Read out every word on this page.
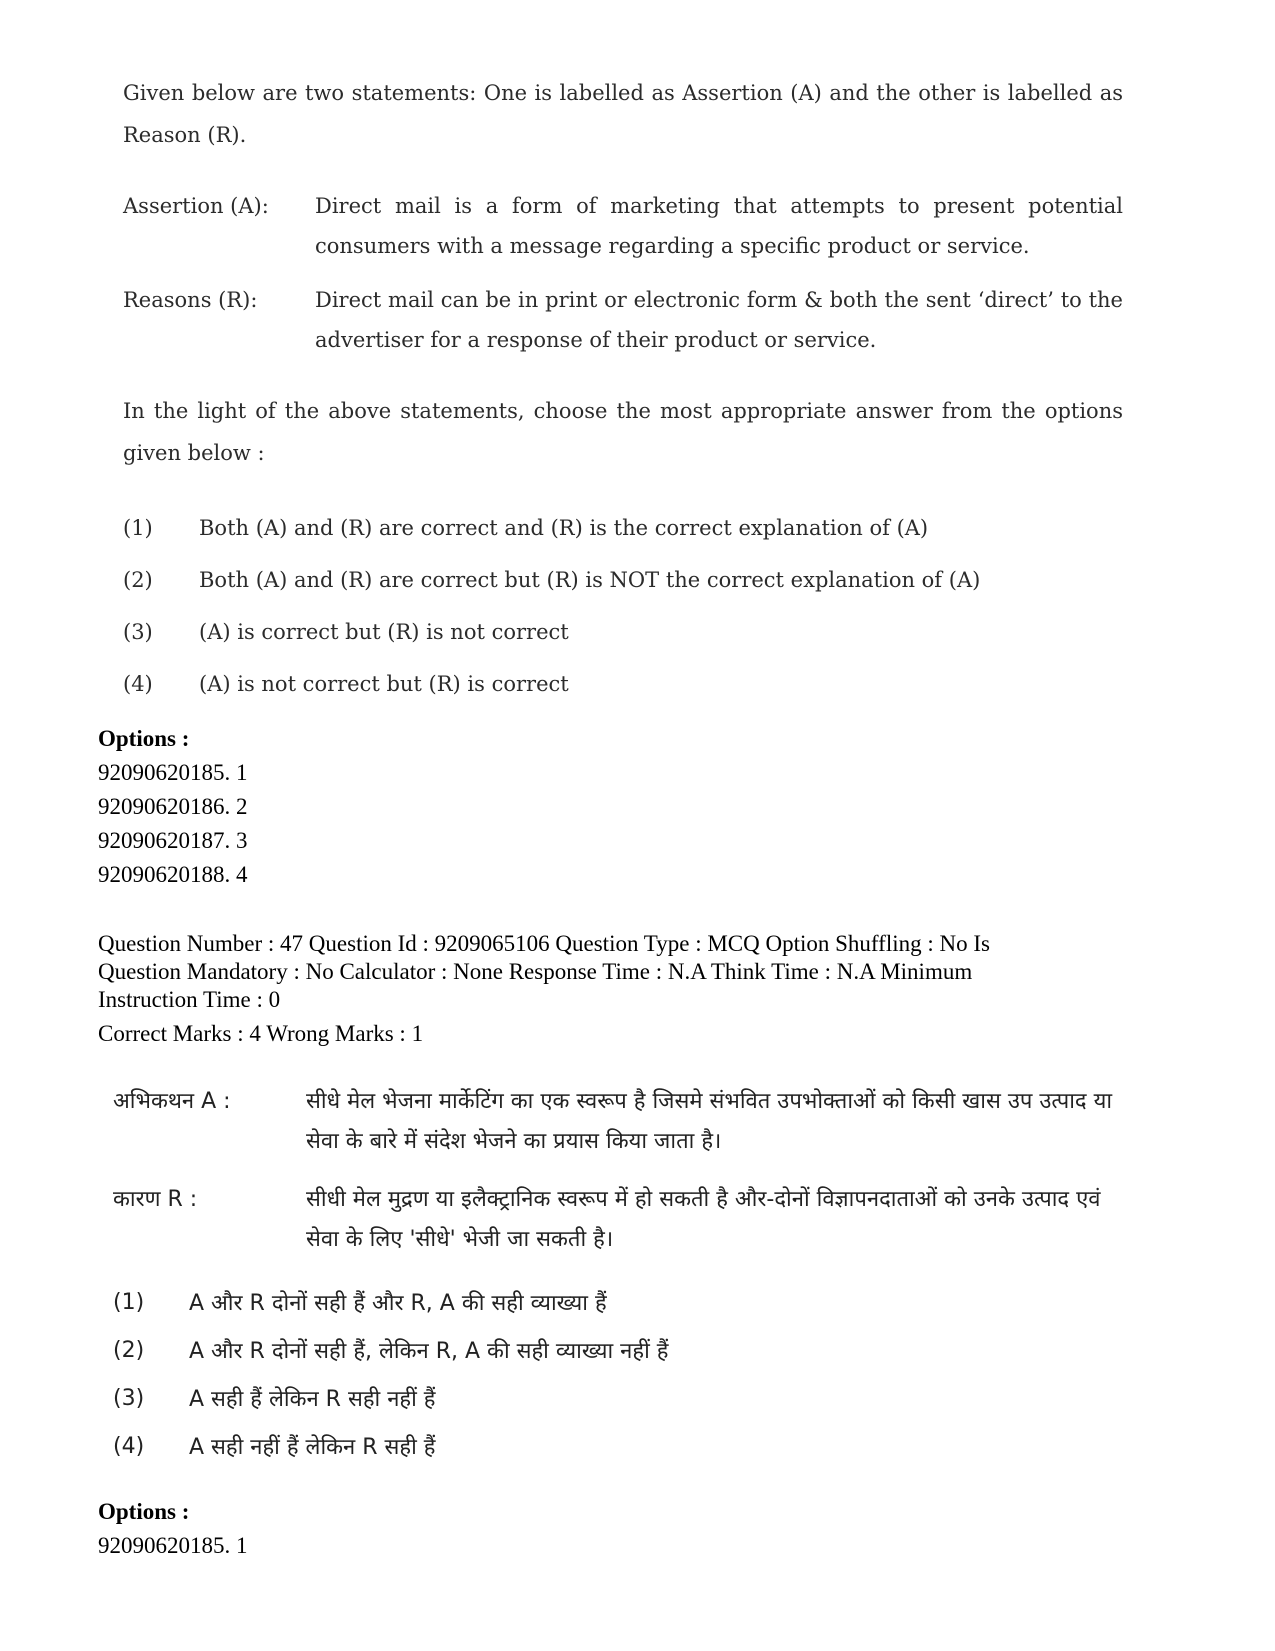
Given below are two statements: One is labelled as Assertion (A) and the other is labelled as Reason (R).

Assertion (A):	Direct mail is a form of marketing that attempts to present potential consumers with a message regarding a specific product or service.
Reasons (R):	Direct mail can be in print or electronic form & both the sent ‘direct’ to the advertiser for a response of their product or service.
In the light of the above statements, choose the most appropriate answer from the options given below :
(1)	Both (A) and (R) are correct and (R) is the correct explanation of (A)
(2)	Both (A) and (R) are correct but (R) is NOT the correct explanation of (A)
(3)	(A) is correct but (R) is not correct
(4)	(A) is not correct but (R) is correct
Options :
92090620185. 1
92090620186. 2
92090620187. 3
92090620188. 4
Question Number : 47 Question Id : 9209065106 Question Type : MCQ Option Shuffling : No Is
Question Mandatory : No Calculator : None Response Time : N.A Think Time : N.A Minimum
Instruction Time : 0
Correct Marks : 4 Wrong Marks : 1
अभिकथन A :	सीधे मेल भेजना मार्केटिंग का एक स्वरूप है जिसमे संभवित उपभोक्ताओं को किसी खास उप उत्पाद या सेवा के बारे में संदेश भेजने का प्रयास किया जाता है।
कारण R :	सीधी मेल मुद्रण या इलैक्ट्रानिक स्वरूप में हो सकती है और-दोनों विज्ञापनदाताओं को उनके उत्पाद एवं सेवा के लिए 'सीधे' भेजी जा सकती है।
(1)	A और R दोनों सही हैं और R, A की सही व्याख्या हैं
(2)	A और R दोनों सही हैं, लेकिन R, A की सही व्याख्या नहीं हैं
(3)	A सही हैं लेकिन R सही नहीं हैं
(4)	A सही नहीं हैं लेकिन R सही हैं
Options :
92090620185. 1
